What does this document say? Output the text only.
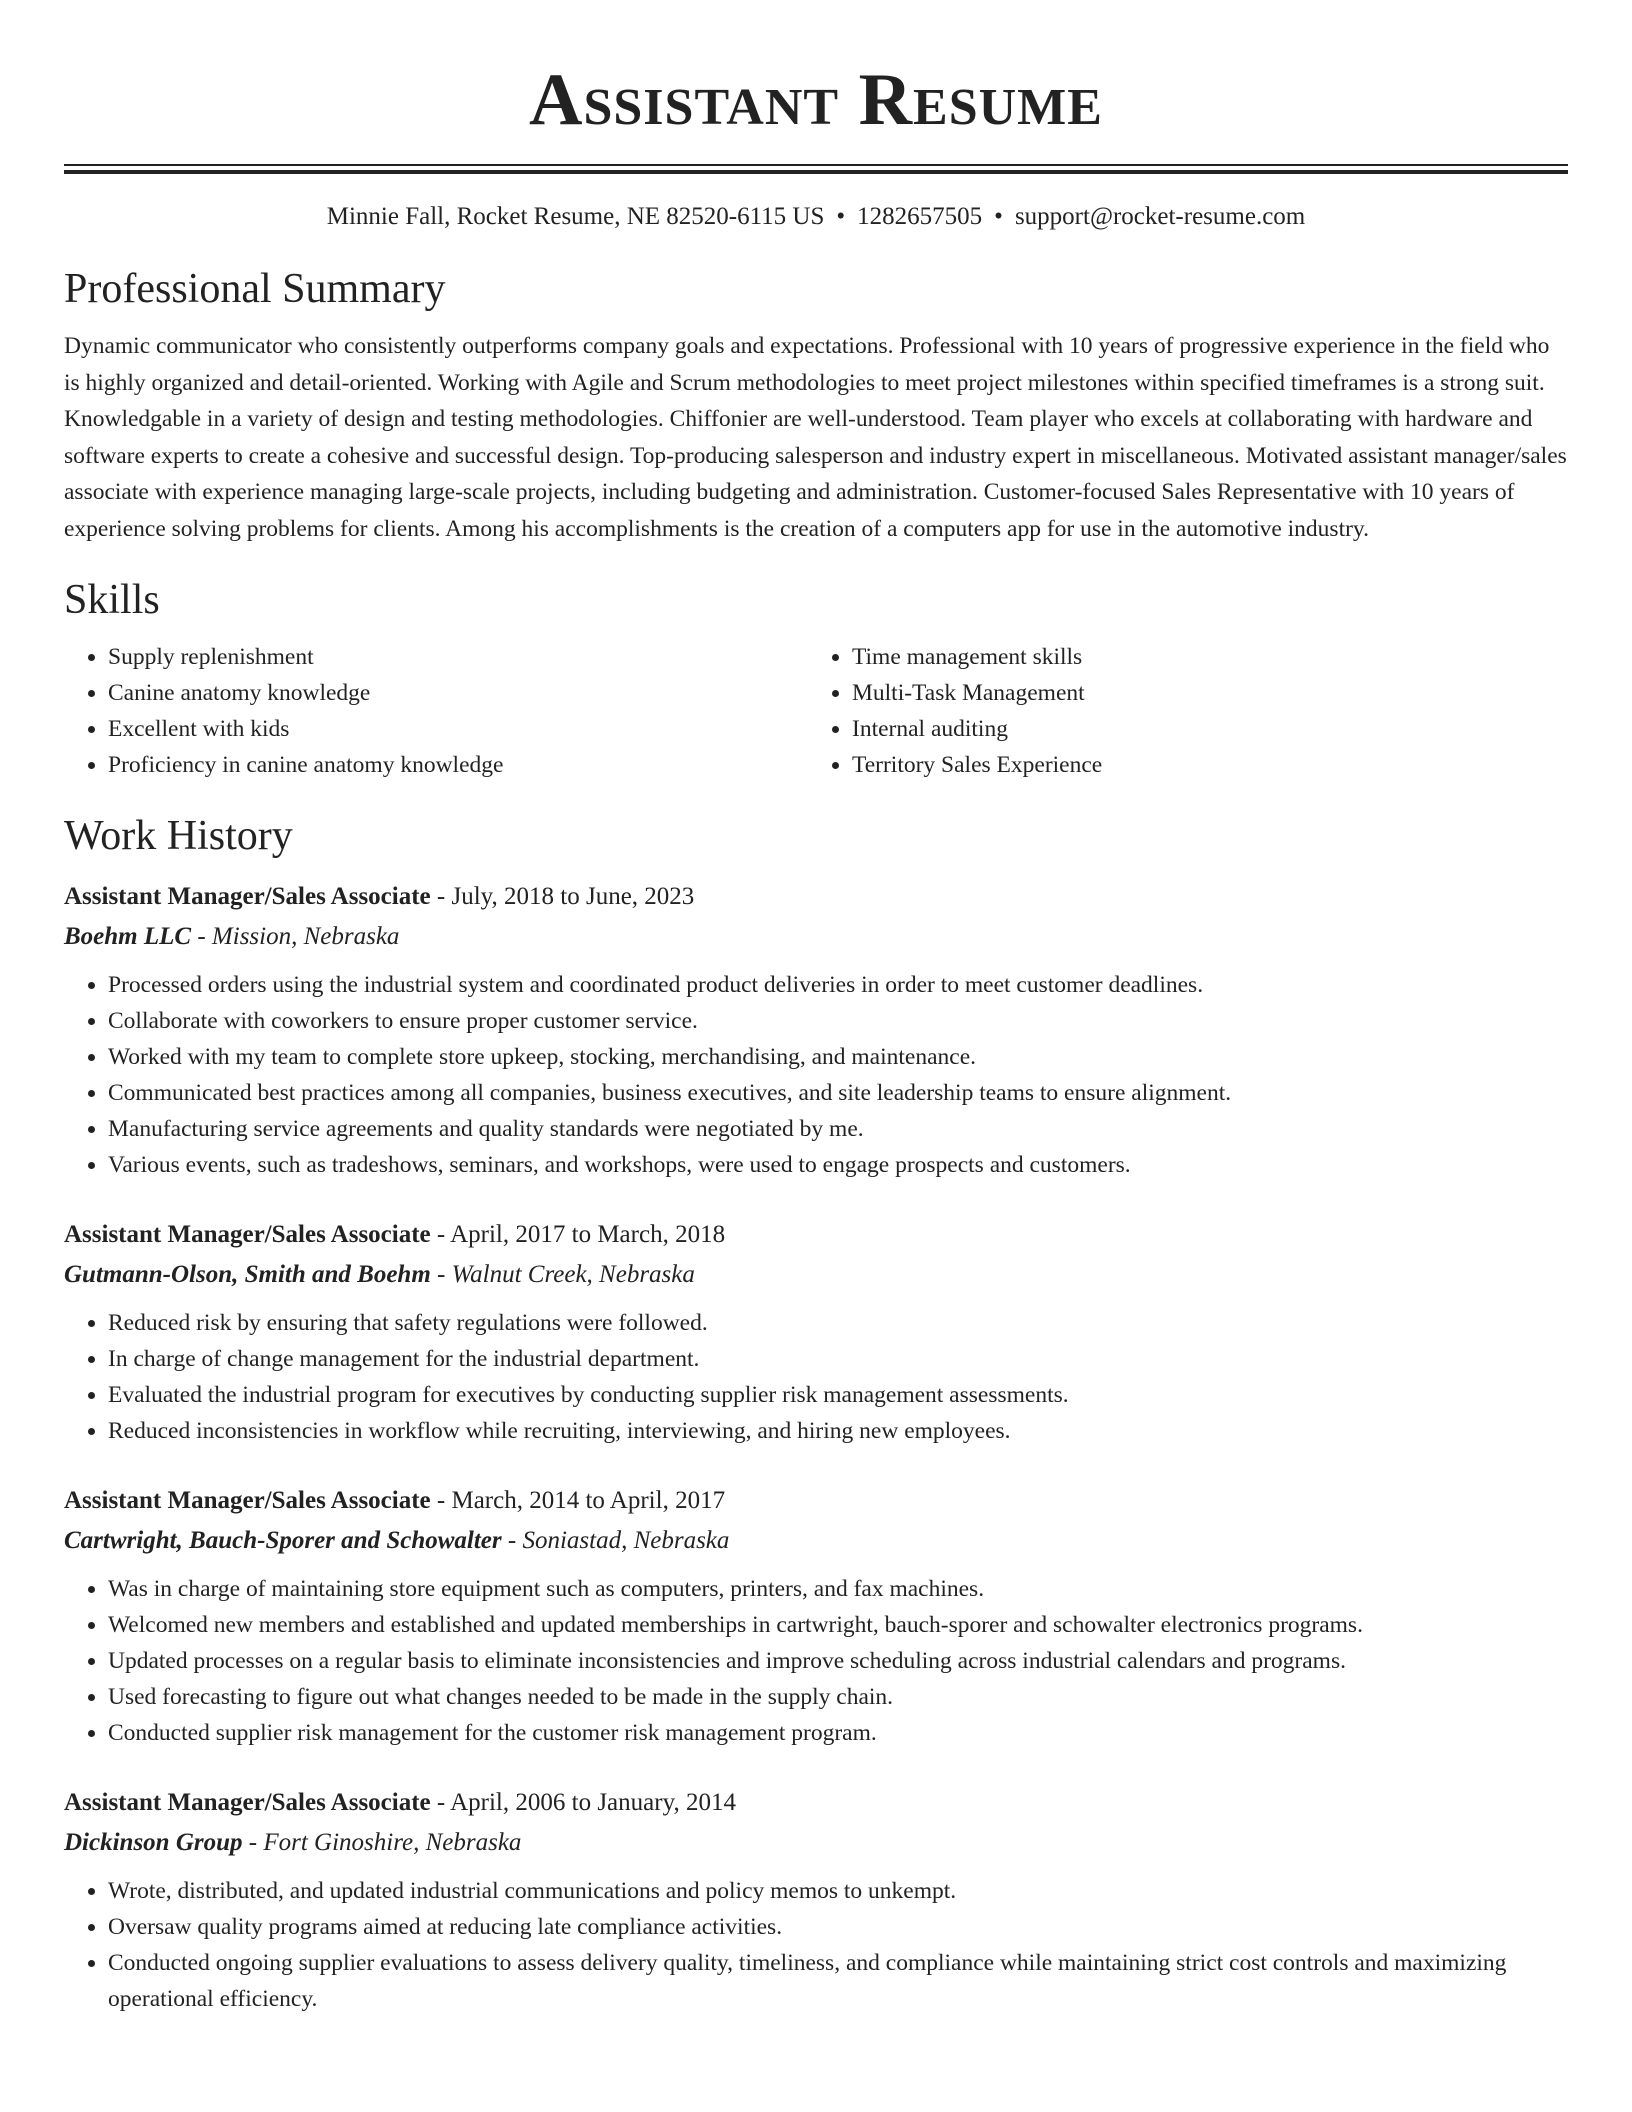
Assistant Resume
Minnie Fall, Rocket Resume, NE 82520-6115 US • 1282657505 • support@rocket-resume.com
Professional Summary

Dynamic communicator who consistently outperforms company goals and expectations. Professional with 10 years of progressive experience in the field who is highly organized and detail-oriented. Working with Agile and Scrum methodologies to meet project milestones within specified timeframes is a strong suit. Knowledgable in a variety of design and testing methodologies. Chiffonier are well-understood. Team player who excels at collaborating with hardware and software experts to create a cohesive and successful design. Top-producing salesperson and industry expert in miscellaneous. Motivated assistant manager/sales associate with experience managing large-scale projects, including budgeting and administration. Customer-focused Sales Representative with 10 years of experience solving problems for clients. Among his accomplishments is the creation of a computers app for use in the automotive industry.

Skills
• Supply replenishment
• Canine anatomy knowledge
• Excellent with kids
• Proficiency in canine anatomy knowledge
• Time management skills
• Multi-Task Management
• Internal auditing
• Territory Sales Experience
Work History
Assistant Manager/Sales Associate - July, 2018 to June, 2023
Boehm LLC - Mission, Nebraska
• Processed orders using the industrial system and coordinated product deliveries in order to meet customer deadlines.
• Collaborate with coworkers to ensure proper customer service.
• Worked with my team to complete store upkeep, stocking, merchandising, and maintenance.
• Communicated best practices among all companies, business executives, and site leadership teams to ensure alignment.
• Manufacturing service agreements and quality standards were negotiated by me.
• Various events, such as tradeshows, seminars, and workshops, were used to engage prospects and customers.
Assistant Manager/Sales Associate - April, 2017 to March, 2018
Gutmann-Olson, Smith and Boehm - Walnut Creek, Nebraska
• Reduced risk by ensuring that safety regulations were followed.
• In charge of change management for the industrial department.
• Evaluated the industrial program for executives by conducting supplier risk management assessments.
• Reduced inconsistencies in workflow while recruiting, interviewing, and hiring new employees.
Assistant Manager/Sales Associate - March, 2014 to April, 2017
Cartwright, Bauch-Sporer and Schowalter - Soniastad, Nebraska
• Was in charge of maintaining store equipment such as computers, printers, and fax machines.
• Welcomed new members and established and updated memberships in cartwright, bauch-sporer and schowalter electronics programs.
• Updated processes on a regular basis to eliminate inconsistencies and improve scheduling across industrial calendars and programs.
• Used forecasting to figure out what changes needed to be made in the supply chain.
• Conducted supplier risk management for the customer risk management program.
Assistant Manager/Sales Associate - April, 2006 to January, 2014
Dickinson Group - Fort Ginoshire, Nebraska
• Wrote, distributed, and updated industrial communications and policy memos to unkempt.
• Oversaw quality programs aimed at reducing late compliance activities.
• Conducted ongoing supplier evaluations to assess delivery quality, timeliness, and compliance while maintaining strict cost controls and maximizing operational efficiency.
